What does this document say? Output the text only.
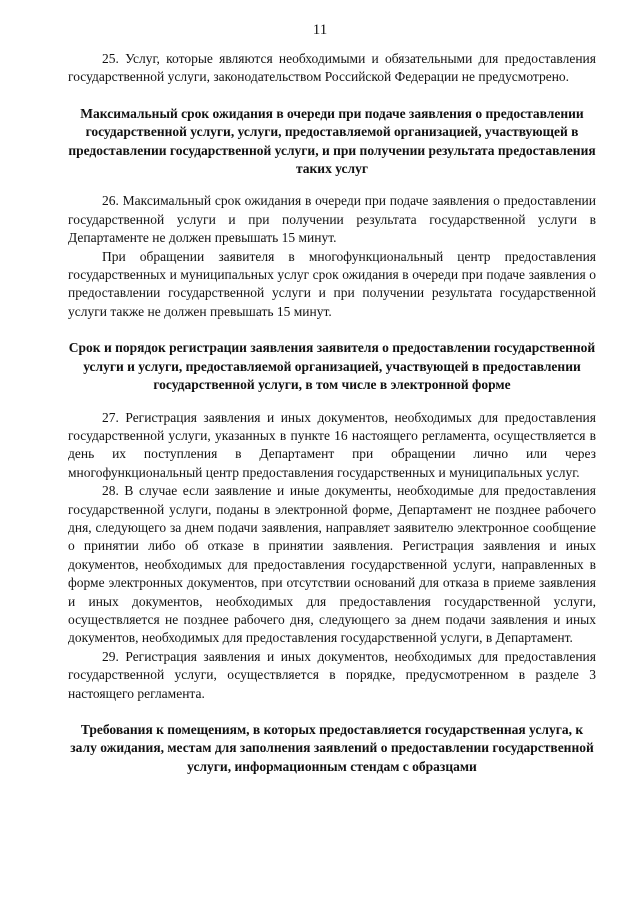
11

25. Услуг, которые являются необходимыми и обязательными для предоставления государственной услуги, законодательством Российской Федерации не предусмотрено.

Максимальный срок ожидания в очереди при подаче заявления о предоставлении государственной услуги, услуги, предоставляемой организацией, участвующей в предоставлении государственной услуги, и при получении результата предоставления таких услуг

26. Максимальный срок ожидания в очереди при подаче заявления о предоставлении государственной услуги и при получении результата государственной услуги в Департаменте не должен превышать 15 минут.

При обращении заявителя в многофункциональный центр предоставления государственных и муниципальных услуг срок ожидания в очереди при подаче заявления о предоставлении государственной услуги и при получении результата государственной услуги также не должен превышать 15 минут.

Срок и порядок регистрации заявления заявителя о предоставлении государственной услуги и услуги, предоставляемой организацией, участвующей в предоставлении государственной услуги, в том числе в электронной форме

27. Регистрация заявления и иных документов, необходимых для предоставления государственной услуги, указанных в пункте 16 настоящего регламента, осуществляется в день их поступления в Департамент при обращении лично или через многофункциональный центр предоставления государственных и муниципальных услуг.

28. В случае если заявление и иные документы, необходимые для предоставления государственной услуги, поданы в электронной форме, Департамент не позднее рабочего дня, следующего за днем подачи заявления, направляет заявителю электронное сообщение о принятии либо об отказе в принятии заявления. Регистрация заявления и иных документов, необходимых для предоставления государственной услуги, направленных в форме электронных документов, при отсутствии оснований для отказа в приеме заявления и иных документов, необходимых для предоставления государственной услуги, осуществляется не позднее рабочего дня, следующего за днем подачи заявления и иных документов, необходимых для предоставления государственной услуги, в Департамент.

29. Регистрация заявления и иных документов, необходимых для предоставления государственной услуги, осуществляется в порядке, предусмотренном в разделе 3 настоящего регламента.

Требования к помещениям, в которых предоставляется государственная услуга, к залу ожидания, местам для заполнения заявлений о предоставлении государственной услуги, информационным стендам с образцами
